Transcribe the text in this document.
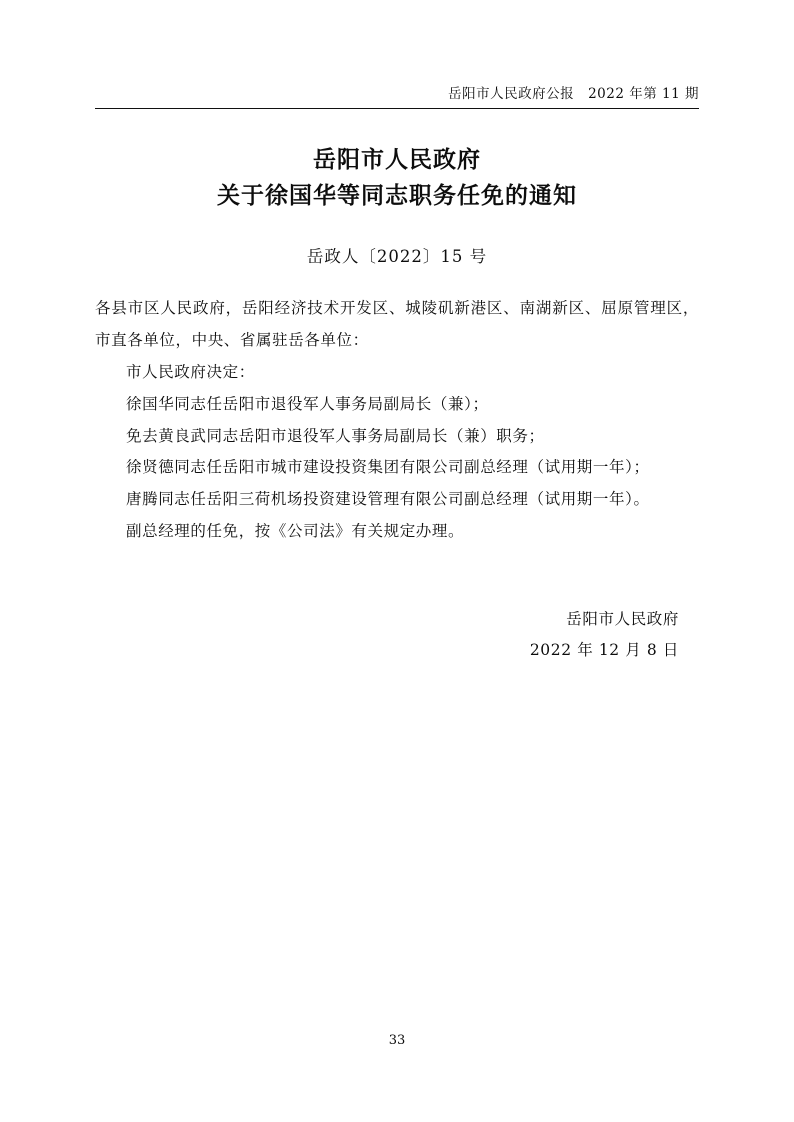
岳阳市人民政府公报　2022 年第 11 期
岳阳市人民政府
关于徐国华等同志职务任免的通知
岳政人〔2022〕15 号

各县市区人民政府，岳阳经济技术开发区、城陵矶新港区、南湖新区、屈原管理区，市直各单位，中央、省属驻岳各单位：

市人民政府决定：

徐国华同志任岳阳市退役军人事务局副局长（兼）；

免去黄良武同志岳阳市退役军人事务局副局长（兼）职务；

徐贤德同志任岳阳市城市建设投资集团有限公司副总经理（试用期一年）；

唐腾同志任岳阳三荷机场投资建设管理有限公司副总经理（试用期一年）。

副总经理的任免，按《公司法》有关规定办理。

岳阳市人民政府
2022 年 12 月 8 日
33
